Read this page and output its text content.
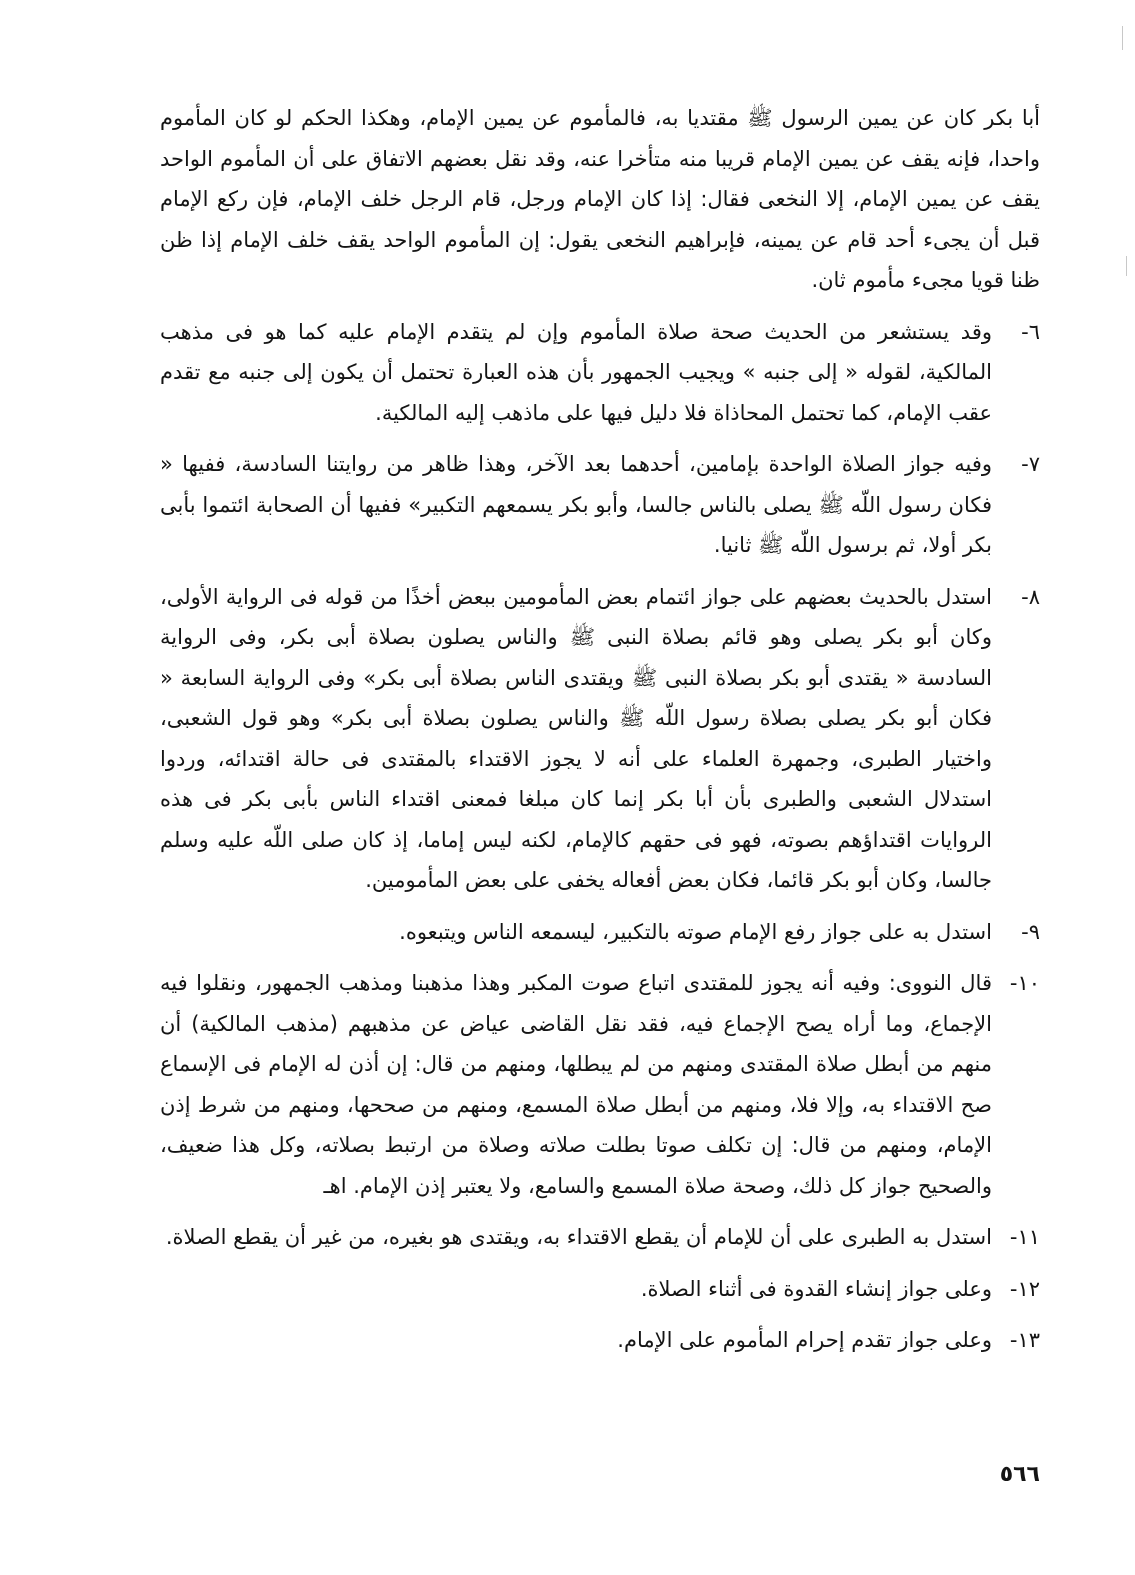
أبا بكر كان عن يمين الرسول ﷺ مقتديا به، فالمأموم عن يمين الإمام، وهكذا الحكم لو كان المأموم واحدا، فإنه يقف عن يمين الإمام قريبا منه متأخرا عنه، وقد نقل بعضهم الاتفاق على أن المأموم الواحد يقف عن يمين الإمام، إلا النخعى فقال: إذا كان الإمام ورجل، قام الرجل خلف الإمام، فإن ركع الإمام قبل أن يجىء أحد قام عن يمينه، فإبراهيم النخعى يقول: إن المأموم الواحد يقف خلف الإمام إذا ظن ظنا قويا مجىء مأموم ثان.

٦-
وقد يستشعر من الحديث صحة صلاة المأموم وإن لم يتقدم الإمام عليه كما هو فى مذهب المالكية، لقوله « إلى جنبه » ويجيب الجمهور بأن هذه العبارة تحتمل أن يكون إلى جنبه مع تقدم عقب الإمام، كما تحتمل المحاذاة فلا دليل فيها على ماذهب إليه المالكية.

٧-
وفيه جواز الصلاة الواحدة بإمامين، أحدهما بعد الآخر، وهذا ظاهر من روايتنا السادسة، ففيها « فكان رسول اللّه ﷺ يصلى بالناس جالسا، وأبو بكر يسمعهم التكبير» ففيها أن الصحابة ائتموا بأبى بكر أولا، ثم برسول اللّه ﷺ ثانيا.

٨-
استدل بالحديث بعضهم على جواز ائتمام بعض المأمومين ببعض أخذًا من قوله فى الرواية الأولى، وكان أبو بكر يصلى وهو قائم بصلاة النبى ﷺ والناس يصلون بصلاة أبى بكر، وفى الرواية السادسة « يقتدى أبو بكر بصلاة النبى ﷺ ويقتدى الناس بصلاة أبى بكر» وفى الرواية السابعة « فكان أبو بكر يصلى بصلاة رسول اللّه ﷺ والناس يصلون بصلاة أبى بكر» وهو قول الشعبى، واختيار الطبرى، وجمهرة العلماء على أنه لا يجوز الاقتداء بالمقتدى فى حالة اقتدائه، وردوا استدلال الشعبى والطبرى بأن أبا بكر إنما كان مبلغا فمعنى اقتداء الناس بأبى بكر فى هذه الروايات اقتداؤهم بصوته، فهو فى حقهم كالإمام، لكنه ليس إماما، إذ كان صلى اللّه عليه وسلم جالسا، وكان أبو بكر قائما، فكان بعض أفعاله يخفى على بعض المأمومين.

٩-
استدل به على جواز رفع الإمام صوته بالتكبير، ليسمعه الناس ويتبعوه.

١٠-
قال النووى: وفيه أنه يجوز للمقتدى اتباع صوت المكبر وهذا مذهبنا ومذهب الجمهور، ونقلوا فيه الإجماع، وما أراه يصح الإجماع فيه، فقد نقل القاضى عياض عن مذهبهم (مذهب المالكية) أن منهم من أبطل صلاة المقتدى ومنهم من لم يبطلها، ومنهم من قال: إن أذن له الإمام فى الإسماع صح الاقتداء به، وإلا فلا، ومنهم من أبطل صلاة المسمع، ومنهم من صححها، ومنهم من شرط إذن الإمام، ومنهم من قال: إن تكلف صوتا بطلت صلاته وصلاة من ارتبط بصلاته، وكل هذا ضعيف، والصحيح جواز كل ذلك، وصحة صلاة المسمع والسامع، ولا يعتبر إذن الإمام. اهـ

١١-
استدل به الطبرى على أن للإمام أن يقطع الاقتداء به، ويقتدى هو بغيره، من غير أن يقطع الصلاة.

١٢-
وعلى جواز إنشاء القدوة فى أثناء الصلاة.

١٣-
وعلى جواز تقدم إحرام المأموم على الإمام.

٥٦٦
